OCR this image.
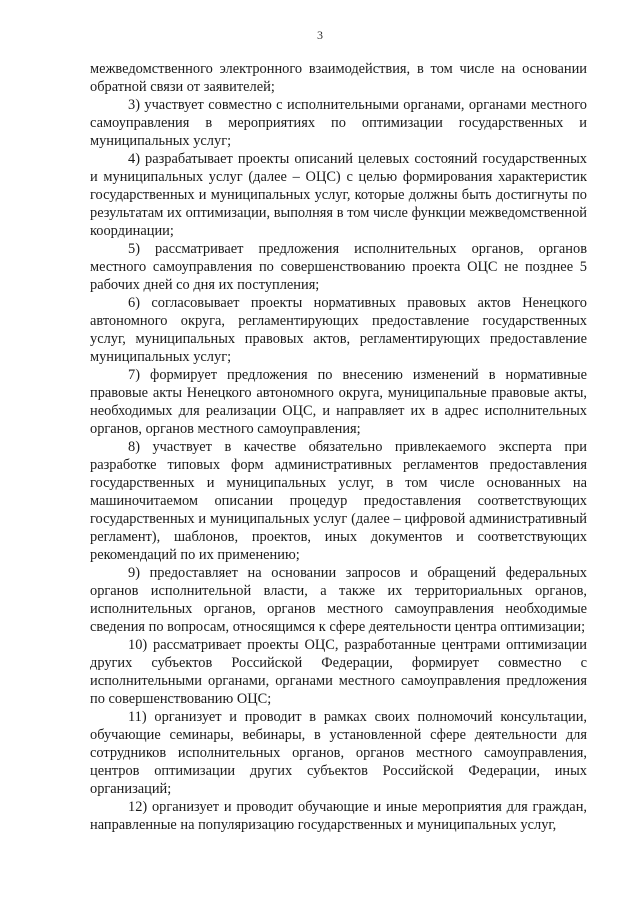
3

межведомственного электронного взаимодействия, в том числе на основании обратной связи от заявителей;

3) участвует совместно с исполнительными органами, органами местного самоуправления в мероприятиях по оптимизации государственных и муниципальных услуг;

4) разрабатывает проекты описаний целевых состояний государственных и муниципальных услуг (далее – ОЦС) с целью формирования характеристик государственных и муниципальных услуг, которые должны быть достигнуты по результатам их оптимизации, выполняя в том числе функции межведомственной координации;

5) рассматривает предложения исполнительных органов, органов местного самоуправления по совершенствованию проекта ОЦС не позднее 5 рабочих дней со дня их поступления;

6) согласовывает проекты нормативных правовых актов Ненецкого автономного округа, регламентирующих предоставление государственных услуг, муниципальных правовых актов, регламентирующих предоставление муниципальных услуг;

7) формирует предложения по внесению изменений в нормативные правовые акты Ненецкого автономного округа, муниципальные правовые акты, необходимых для реализации ОЦС, и направляет их в адрес исполнительных органов, органов местного самоуправления;

8) участвует в качестве обязательно привлекаемого эксперта при разработке типовых форм административных регламентов предоставления государственных и муниципальных услуг, в том числе основанных на машиночитаемом описании процедур предоставления соответствующих государственных и муниципальных услуг (далее – цифровой административный регламент), шаблонов, проектов, иных документов и соответствующих рекомендаций по их применению;

9) предоставляет на основании запросов и обращений федеральных органов исполнительной власти, а также их территориальных органов, исполнительных органов, органов местного самоуправления необходимые сведения по вопросам, относящимся к сфере деятельности центра оптимизации;

10) рассматривает проекты ОЦС, разработанные центрами оптимизации других субъектов Российской Федерации, формирует совместно с исполнительными органами, органами местного самоуправления предложения по совершенствованию ОЦС;

11) организует и проводит в рамках своих полномочий консультации, обучающие семинары, вебинары, в установленной сфере деятельности для сотрудников исполнительных органов, органов местного самоуправления, центров оптимизации других субъектов Российской Федерации, иных организаций;

12) организует и проводит обучающие и иные мероприятия для граждан, направленные на популяризацию государственных и муниципальных услуг,
